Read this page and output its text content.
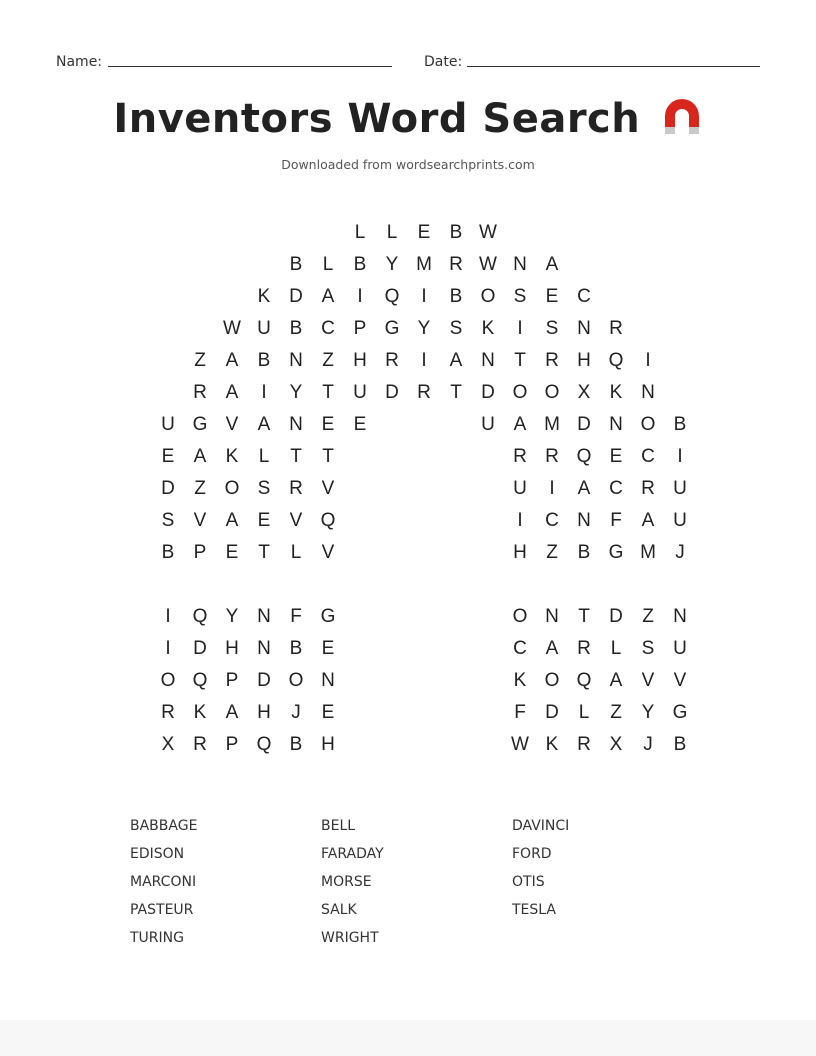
Name:	Date:
Inventors Word Search
Downloaded from wordsearchprints.com
L	L	E	B W
B	L	B	Y M R W N A
K D A	I	Q	I	B O S	E C
W U B C P G Y	S	K	I	S N R
Z	A	B N	Z	H R	I	A N	T	R H Q	I
R A	I	Y	T	U D R	T	D O O X	K N
U G V	A N E	E	U A M D N O B
E	A	K	L	T	T	R R Q E C	I
D	Z O S R V	U	I	A C R U
S	V	A	E	V Q	I	C N	F	A U
B	P	E	T	L	V	H	Z	B G M	J
I	Q Y N	F G	O N	T	D	Z	N
I	D H N B	E	C A R	L	S U
O Q P D O N	K O Q A	V	V
R K	A H	J	E	F	D	L	Z	Y G
X R P Q B H	W K R X	J	B
BABBAGE	BELL	DAVINCI
EDISON	FARADAY	FORD
MARCONI	MORSE	OTIS
PASTEUR	SALK	TESLA
TURING	WRIGHT
